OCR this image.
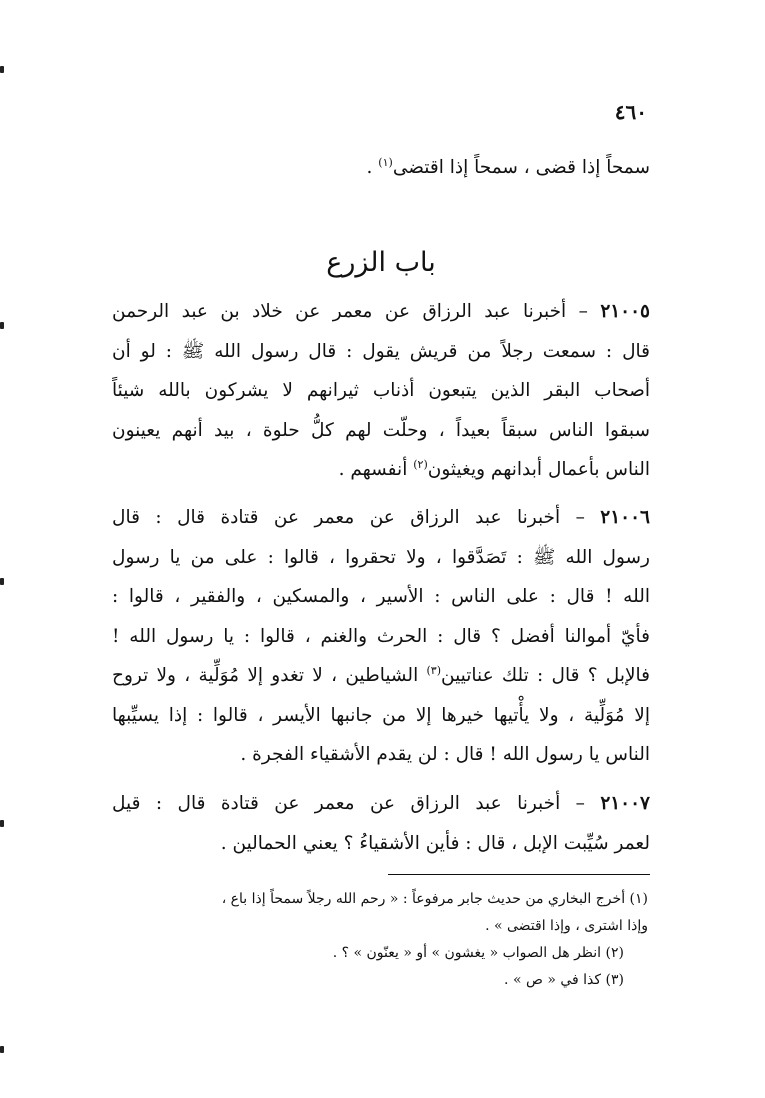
٤٦٠
سمحاً إذا قضى ، سمحاً إذا اقتضى$^{(١)}$ .
باب الزرع
٢١٠٠٥ – أخبرنا عبد الرزاق عن معمر عن خلاد بن عبد الرحمن
قال : سمعت رجلاً من قريش يقول : قال رسول الله ﷺ : لو أن
أصحاب البقر الذين يتبعون أذناب ثيرانهم لا يشركون بالله شيئاً
سبقوا الناس سبقاً بعيداً ، وحلّت لهم كلُّ حلوة ، بيد أنهم يعينون
الناس بأعمال أبدانهم ويغيثون$^{(٢)}$ أنفسهم .
٢١٠٠٦ – أخبرنا عبد الرزاق عن معمر عن قتادة قال : قال
رسول الله ﷺ : تَصَدَّقوا ، ولا تحقروا ، قالوا : على من يا رسول
الله ! قال : على الناس : الأسير ، والمسكين ، والفقير ، قالوا :
فأيّ أموالنا أفضل ؟ قال : الحرث والغنم ، قالوا : يا رسول الله !
فالإبل ؟ قال : تلك عناتيين$^{(٣)}$ الشياطين ، لا تغدو إلا مُوَلِّية ، ولا تروح
إلا مُوَلِّية ، ولا يأْتيها خيرها إلا من جانبها الأيسر ، قالوا : إذا يسيِّبها
الناس يا رسول الله ! قال : لن يقدم الأشقياء الفجرة .
٢١٠٠٧ – أخبرنا عبد الرزاق عن معمر عن قتادة قال : قيل
لعمر سُيِّبت الإبل ، قال : فأين الأشقياءُ ؟ يعني الحمالين .
(١) أخرج البخاري من حديث جابر مرفوعاً : « رحم الله رجلاً سمحاً إذا باع ،
وإذا اشترى ، وإذا اقتضى » .
(٢) انظر هل الصواب « يغشون » أو « يعنّون » ؟ .
(٣) كذا في « ص » .
